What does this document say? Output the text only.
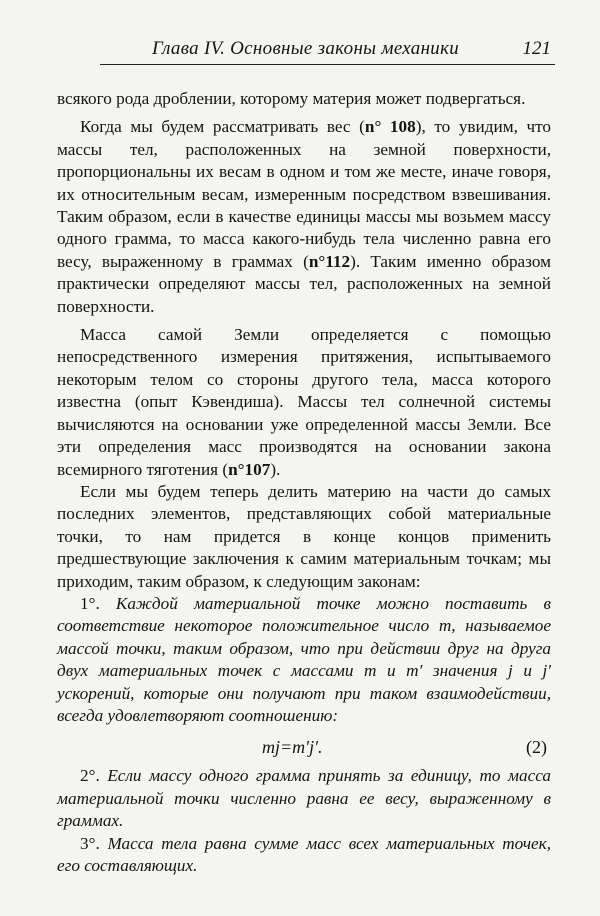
Глава IV. Основные законы механики	121

всякого рода дроблении, которому материя может подвергаться.

Когда мы будем рассматривать вес (n° 108), то увидим, что массы тел, расположенных на земной поверхности, пропорциональны их весам в одном и том же месте, иначе говоря, их относительным весам, измеренным посредством взвешивания. Таким образом, если в качестве единицы массы мы возьмем массу одного грамма, то масса какого-нибудь тела численно равна его весу, выраженному в граммах (n°112). Таким именно образом практически определяют массы тел, расположенных на земной поверхности.

Масса самой Земли определяется с помощью непосредственного измерения притяжения, испытываемого некоторым телом со стороны другого тела, масса которого известна (опыт Кэвендиша). Массы тел солнечной системы вычисляются на основании уже определенной массы Земли. Все эти определения масс производятся на основании закона всемирного тяготения (n°107).

Если мы будем теперь делить материю на части до самых последних элементов, представляющих собой материальные точки, то нам придется в конце концов применить предшествующие заключения к самим материальным точкам; мы приходим, таким образом, к следующим законам:

1°. Каждой материальной точке можно поставить в соответствие некоторое положительное число m, называемое массой точки, таким образом, что при действии друг на друга двух материальных точек с массами m и m′ значения j и j′ ускорений, которые они получают при таком взаимодействии, всегда удовлетворяют соотношению:

mj=m′j′.	(2)

2°. Если массу одного грамма принять за единицу, то масса материальной точки численно равна ее весу, выраженному в граммах.

3°. Масса тела равна сумме масс всех материальных точек, его составляющих.
